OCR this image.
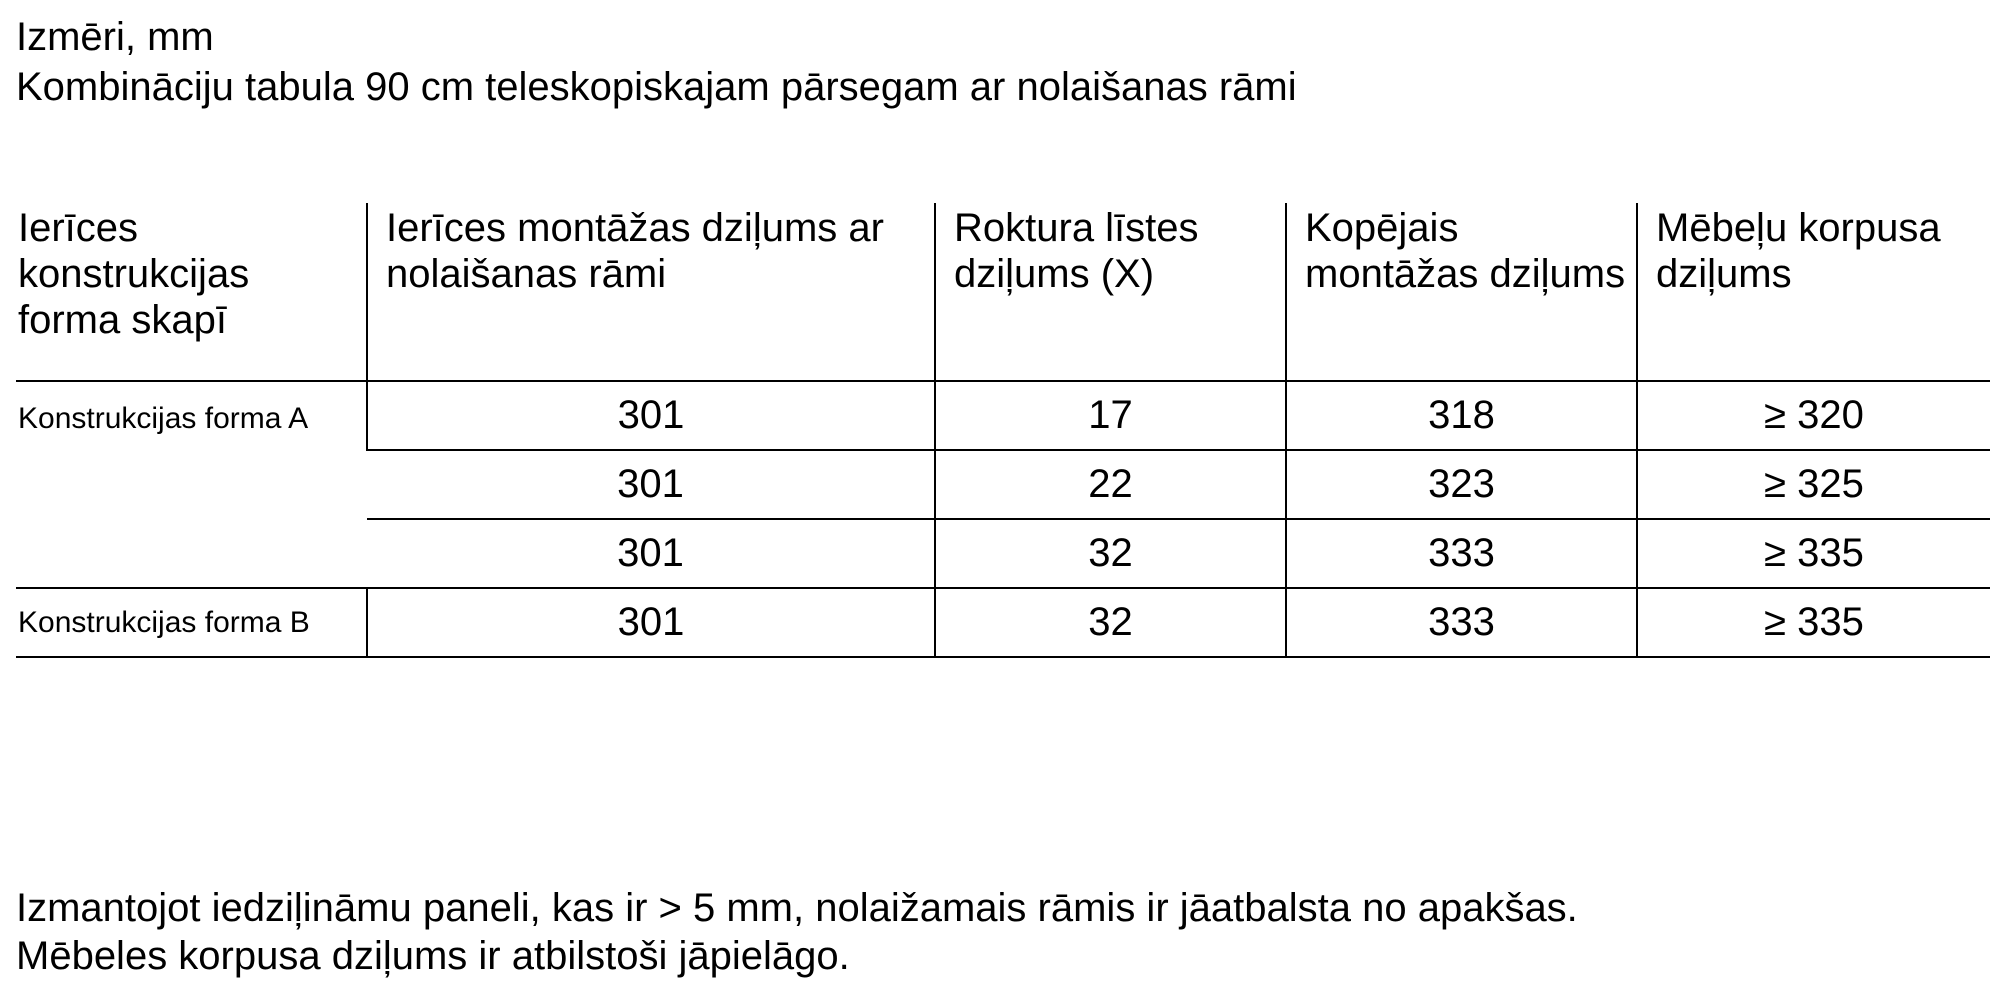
Izmēri, mm
Kombināciju tabula 90 cm teleskopiskajam pārsegam ar nolaišanas rāmi
Ierīces konstrukcijas forma skapī	Ierīces montāžas dziļums ar nolaišanas rāmi	Roktura līstes dziļums (X)	Kopējais montāžas dziļums	Mēbeļu korpusa dziļums
Konstrukcijas forma A	301	17	318	≥ 320
	301	22	323	≥ 325
	301	32	333	≥ 335
Konstrukcijas forma B	301	32	333	≥ 335
Izmantojot iedziļināmu paneli, kas ir > 5 mm, nolaižamais rāmis ir jāatbalsta no apakšas.
Mēbeles korpusa dziļums ir atbilstoši jāpielāgo.
